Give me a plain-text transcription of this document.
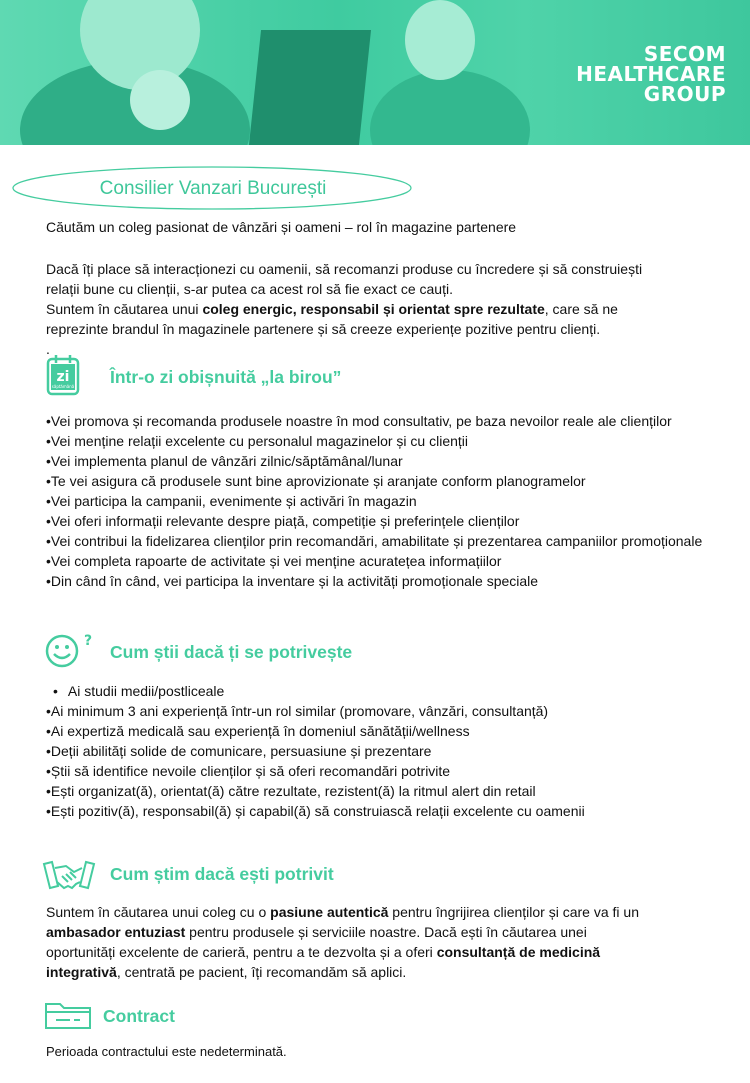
SECOM
HEALTHCARE
GROUP
Consilier Vanzari București
Căutăm un coleg pasionat de vânzări și oameni – rol în magazine partenere
Dacă îți place să interacționezi cu oamenii, să recomanzi produse cu încredere și să construiești
relații bune cu clienții, s-ar putea ca acest rol să fie exact ce cauți.
Suntem în căutarea unui coleg energic, responsabil și orientat spre rezultate, care să ne
reprezinte brandul în magazinele partenere și să creeze experiențe pozitive pentru clienți.
.
zi
săptămână Într-o zi obișnuită „la birou”
• Vei promova și recomanda produsele noastre în mod consultativ, pe baza nevoilor reale ale clienților
• Vei menține relații excelente cu personalul magazinelor și cu clienții
• Vei implementa planul de vânzări zilnic/săptămânal/lunar
• Te vei asigura că produsele sunt bine aprovizionate și aranjate conform planogramelor
• Vei participa la campanii, evenimente și activări în magazin
• Vei oferi informații relevante despre piață, competiție și preferințele clienților
• Vei contribui la fidelizarea clienților prin recomandări, amabilitate și prezentarea campaniilor promoționale
• Vei completa rapoarte de activitate și vei menține acuratețea informațiilor
• Din când în când, vei participa la inventare și la activități promoționale speciale
?
Cum știi dacă ți se potrivește
• Ai studii medii/postliceale
• Ai minimum 3 ani experiență într-un rol similar (promovare, vânzări, consultanță)
• Ai expertiză medicală sau experiență în domeniul sănătății/wellness
• Deții abilități solide de comunicare, persuasiune și prezentare
• Știi să identifice nevoile clienților și să oferi recomandări potrivite
• Ești organizat(ă), orientat(ă) către rezultate, rezistent(ă) la ritmul alert din retail
• Ești pozitiv(ă), responsabil(ă) și capabil(ă) să construiască relații excelente cu oamenii
Cum știm dacă ești potrivit
Suntem în căutarea unui coleg cu o pasiune autentică pentru îngrijirea clienților și care va fi un
ambasador entuziast pentru produsele și serviciile noastre. Dacă ești în căutarea unei
oportunități excelente de carieră, pentru a te dezvolta și a oferi consultanță de medicină
integrativă, centrată pe pacient, îți recomandăm să aplici.
Contract
Perioada contractului este nedeterminată.
